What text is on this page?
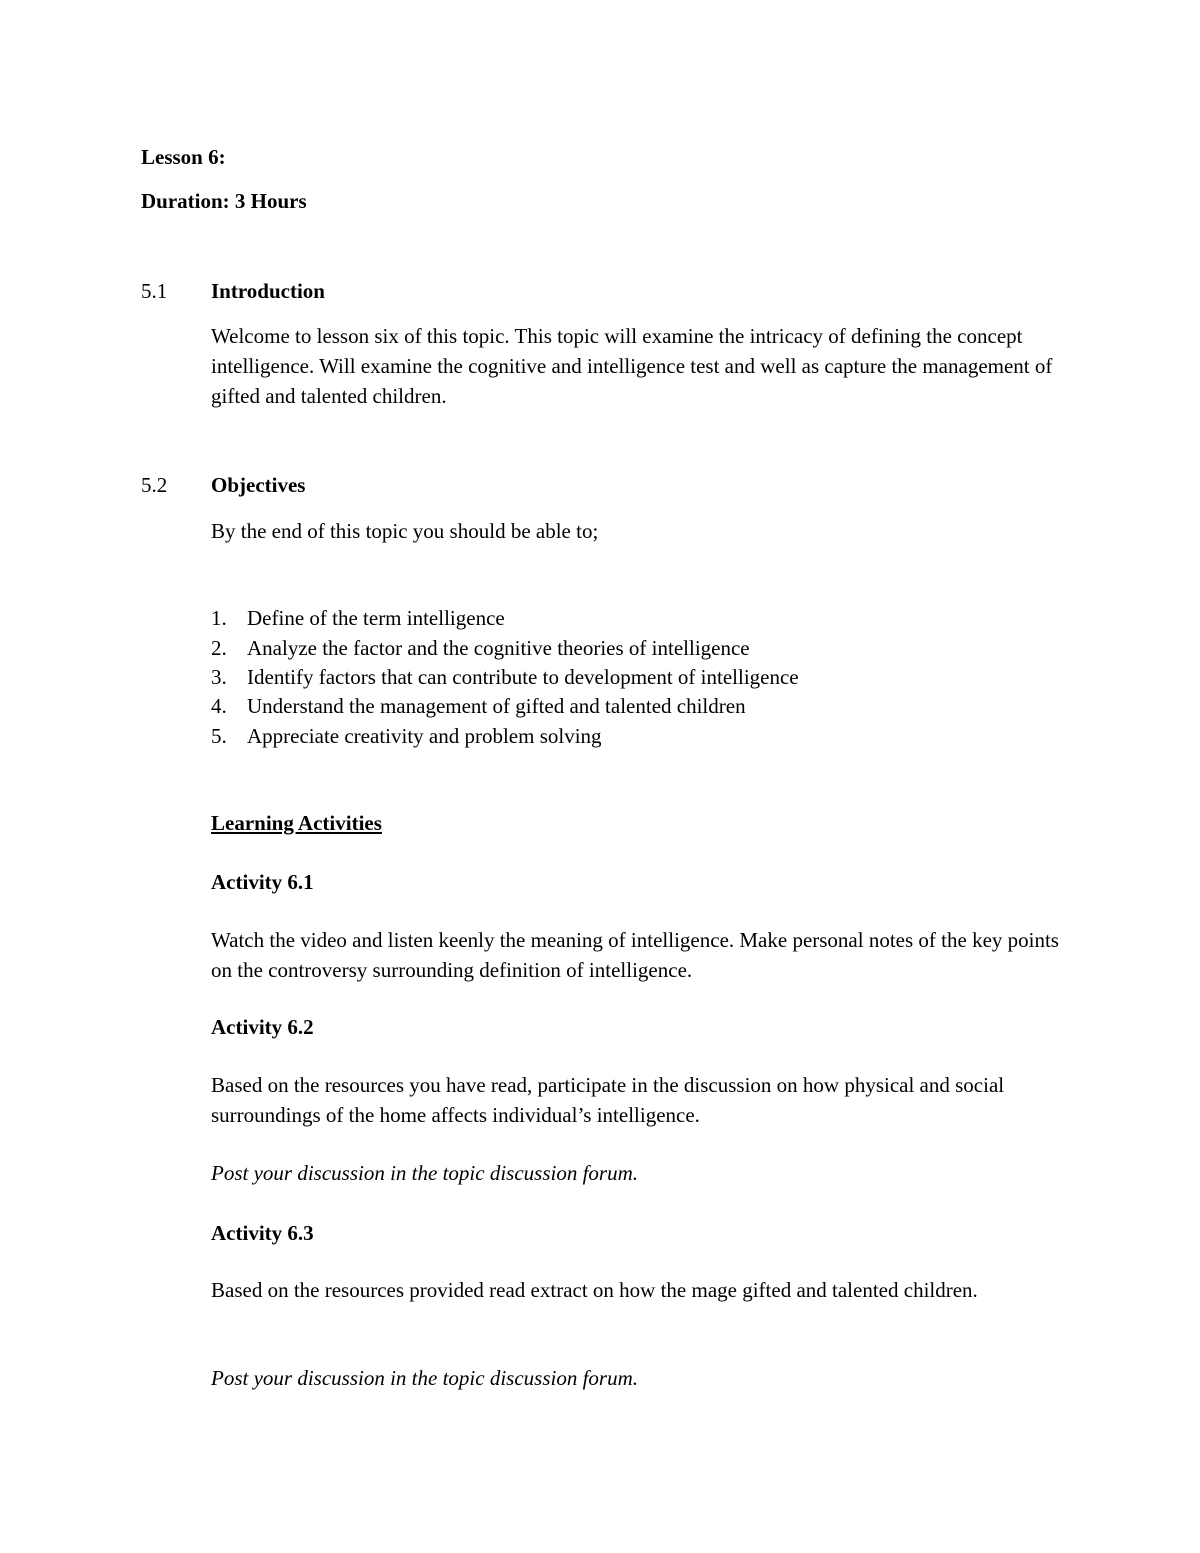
Lesson 6:
Duration: 3 Hours
5.1 Introduction
Welcome to lesson six of this topic. This topic will examine the intricacy of defining the concept intelligence. Will examine the cognitive and intelligence test and well as capture the management of gifted and talented children.
5.2 Objectives
By the end of this topic you should be able to;
1. Define of the term intelligence
2. Analyze the factor and the cognitive theories of intelligence
3. Identify factors that can contribute to development of intelligence
4. Understand the management of gifted and talented children
5. Appreciate creativity and problem solving
Learning Activities
Activity 6.1
Watch the video and listen keenly the meaning of intelligence. Make personal notes of the key points on the controversy surrounding definition of intelligence.
Activity 6.2
Based on the resources you have read, participate in the discussion on how physical and social surroundings of the home affects individual’s intelligence.
Post your discussion in the topic discussion forum.
Activity 6.3
Based on the resources provided read extract on how the mage gifted and talented children.
Post your discussion in the topic discussion forum.
